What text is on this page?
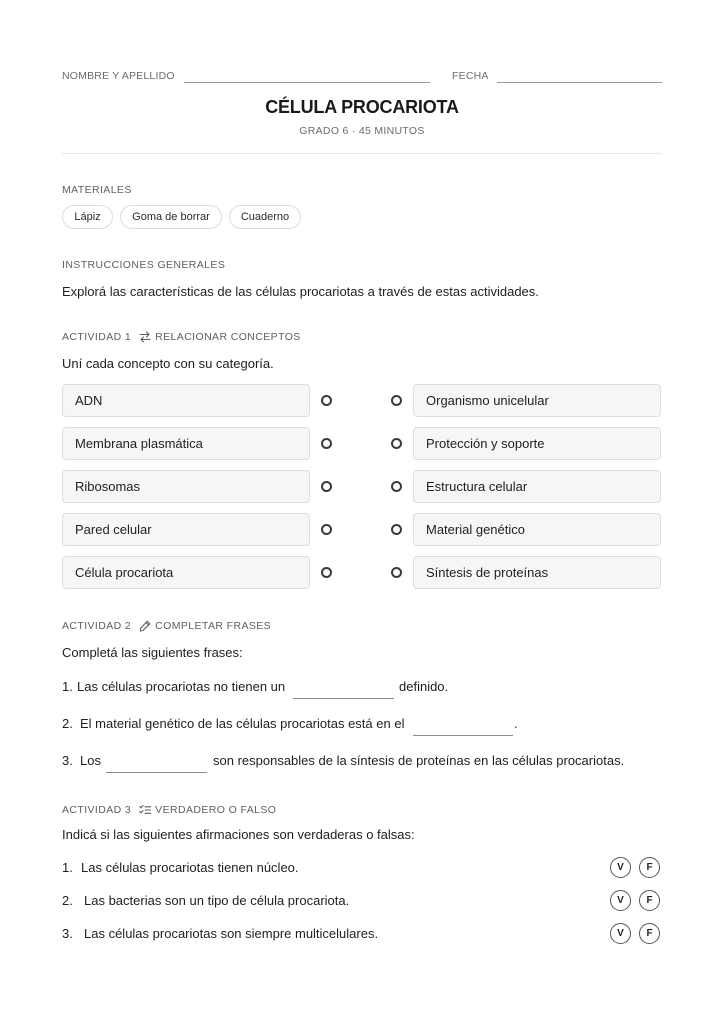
NOMBRE Y APELLIDO	FECHA
CÉLULA PROCARIOTA
GRADO 6 · 45 MINUTOS
MATERIALES
Lápiz	Goma de borrar	Cuaderno
INSTRUCCIONES GENERALES
Explorá las características de las células procariotas a través de estas actividades.
ACTIVIDAD 1 RELACIONAR CONCEPTOS
Uní cada concepto con su categoría.
ADN
Membrana plasmática
Ribosomas
Pared celular
Célula procariota
Organismo unicelular
Protección y soporte
Estructura celular
Material genético
Síntesis de proteínas
ACTIVIDAD 2 COMPLETAR FRASES
Completá las siguientes frases:
1. Las células procariotas no tienen un	definido.
2. El material genético de las células procariotas está en el	.
3. Los	son responsables de la síntesis de proteínas en las células procariotas.
ACTIVIDAD 3 VERDADERO O FALSO
Indicá si las siguientes afirmaciones son verdaderas o falsas:
1. Las células procariotas tienen núcleo.	V	F
2. Las bacterias son un tipo de célula procariota.	V	F
3. Las células procariotas son siempre multicelulares.	V	F
